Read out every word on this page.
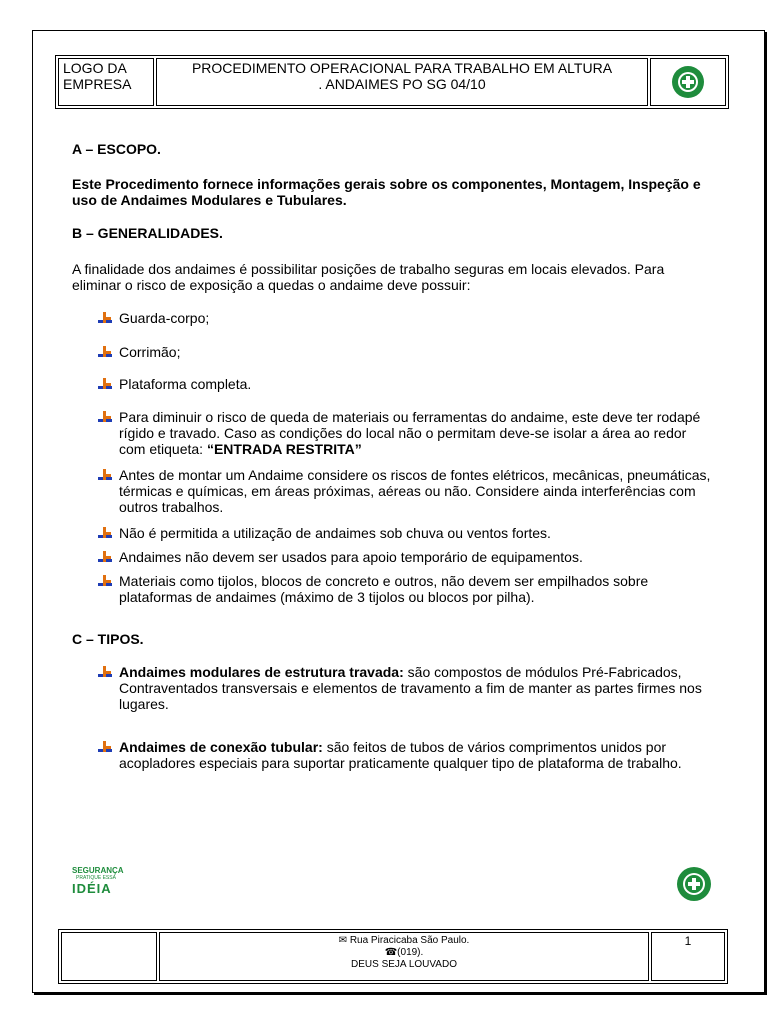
LOGO DA
EMPRESA
PROCEDIMENTO OPERACIONAL PARA TRABALHO EM ALTURA
. ANDAIMES PO SG 04/10
A – ESCOPO.
Este Procedimento fornece informações gerais sobre os componentes, Montagem, Inspeção e uso de Andaimes Modulares e Tubulares.
B – GENERALIDADES.
A finalidade dos andaimes é possibilitar posições de trabalho seguras em locais elevados. Para eliminar o risco de exposição a quedas o andaime deve possuir:
Guarda-corpo;
Corrimão;
Plataforma completa.
Para diminuir o risco de queda de materiais ou ferramentas do andaime, este deve ter rodapé rígido e travado. Caso as condições do local não o permitam deve-se isolar a área ao redor com etiqueta: “ENTRADA RESTRITA”
Antes de montar um Andaime considere os riscos de fontes elétricos, mecânicas, pneumáticas, térmicas e químicas, em áreas próximas, aéreas ou não. Considere ainda interferências com outros trabalhos.
Não é permitida a utilização de andaimes sob chuva ou ventos fortes.
Andaimes não devem ser usados para apoio temporário de equipamentos.
Materiais como tijolos, blocos de concreto e outros, não devem ser empilhados sobre plataformas de andaimes (máximo de 3 tijolos ou blocos por pilha).
C – TIPOS.
Andaimes modulares de estrutura travada: são compostos de módulos Pré-Fabricados, Contraventados transversais e elementos de travamento a fim de manter as partes firmes nos lugares.
Andaimes de conexão tubular: são feitos de tubos de vários comprimentos unidos por acopladores especiais para suportar praticamente qualquer tipo de plataforma de trabalho.
SEGURANÇA
PRATIQUE ESSA
IDÉIA
✉ Rua Piracicaba São Paulo.
☎(019).
DEUS SEJA LOUVADO
1
